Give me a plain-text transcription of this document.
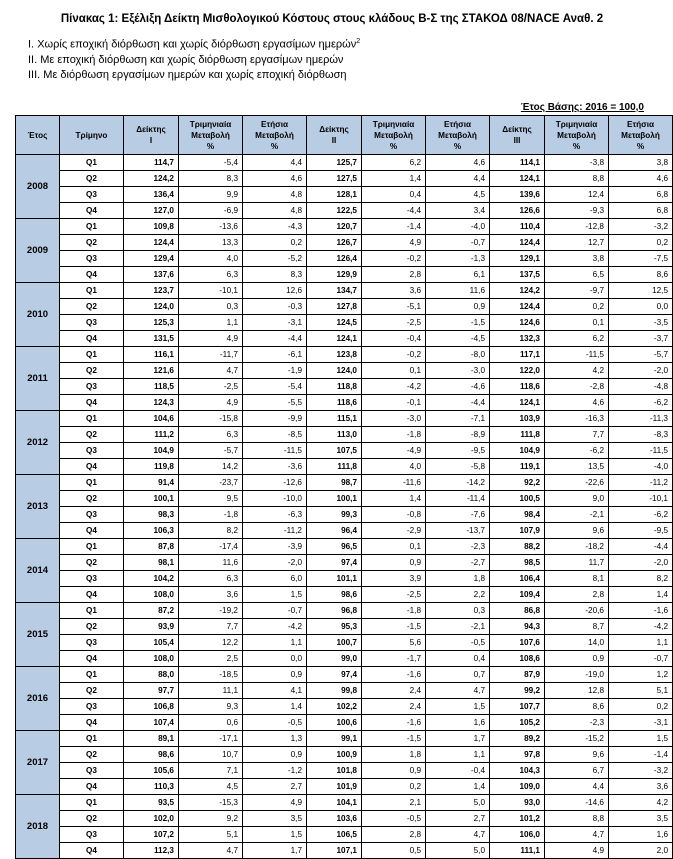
Πίνακας 1: Εξέλιξη Δείκτη Μισθολογικού Κόστους στους κλάδους Β-Σ της ΣΤΑΚΟΔ 08/NACE Αναθ. 2
I. Χωρίς εποχική διόρθωση και χωρίς διόρθωση εργασίμων ημερών$^2$
II. Με εποχική διόρθωση και χωρίς διόρθωση εργασίμων ημερών
III. Με διόρθωση εργασίμων ημερών και χωρίς εποχική διόρθωση
Έτος Βάσης: 2016 = 100,0
Έτος	Τρίμηνο	Δείκτης
I	Τριμηνιαία
Μεταβολή
%	Ετήσια
Μεταβολή
%	Δείκτης
II	Τριμηνιαία
Μεταβολή
%	Ετήσια
Μεταβολή
%	Δείκτης
III	Τριμηνιαία
Μεταβολή
%	Ετήσια
Μεταβολή
%
2008	Q1	114,7	-5,4	4,4	125,7	6,2	4,6	114,1	-3,8	3,8
	Q2	124,2	8,3	4,6	127,5	1,4	4,4	124,1	8,8	4,6
	Q3	136,4	9,9	4,8	128,1	0,4	4,5	139,6	12,4	6,8
	Q4	127,0	-6,9	4,8	122,5	-4,4	3,4	126,6	-9,3	6,8
2009	Q1	109,8	-13,6	-4,3	120,7	-1,4	-4,0	110,4	-12,8	-3,2
	Q2	124,4	13,3	0,2	126,7	4,9	-0,7	124,4	12,7	0,2
	Q3	129,4	4,0	-5,2	126,4	-0,2	-1,3	129,1	3,8	-7,5
	Q4	137,6	6,3	8,3	129,9	2,8	6,1	137,5	6,5	8,6
2010	Q1	123,7	-10,1	12,6	134,7	3,6	11,6	124,2	-9,7	12,5
	Q2	124,0	0,3	-0,3	127,8	-5,1	0,9	124,4	0,2	0,0
	Q3	125,3	1,1	-3,1	124,5	-2,5	-1,5	124,6	0,1	-3,5
	Q4	131,5	4,9	-4,4	124,1	-0,4	-4,5	132,3	6,2	-3,7
2011	Q1	116,1	-11,7	-6,1	123,8	-0,2	-8,0	117,1	-11,5	-5,7
	Q2	121,6	4,7	-1,9	124,0	0,1	-3,0	122,0	4,2	-2,0
	Q3	118,5	-2,5	-5,4	118,8	-4,2	-4,6	118,6	-2,8	-4,8
	Q4	124,3	4,9	-5,5	118,6	-0,1	-4,4	124,1	4,6	-6,2
2012	Q1	104,6	-15,8	-9,9	115,1	-3,0	-7,1	103,9	-16,3	-11,3
	Q2	111,2	6,3	-8,5	113,0	-1,8	-8,9	111,8	7,7	-8,3
	Q3	104,9	-5,7	-11,5	107,5	-4,9	-9,5	104,9	-6,2	-11,5
	Q4	119,8	14,2	-3,6	111,8	4,0	-5,8	119,1	13,5	-4,0
2013	Q1	91,4	-23,7	-12,6	98,7	-11,6	-14,2	92,2	-22,6	-11,2
	Q2	100,1	9,5	-10,0	100,1	1,4	-11,4	100,5	9,0	-10,1
	Q3	98,3	-1,8	-6,3	99,3	-0,8	-7,6	98,4	-2,1	-6,2
	Q4	106,3	8,2	-11,2	96,4	-2,9	-13,7	107,9	9,6	-9,5
2014	Q1	87,8	-17,4	-3,9	96,5	0,1	-2,3	88,2	-18,2	-4,4
	Q2	98,1	11,6	-2,0	97,4	0,9	-2,7	98,5	11,7	-2,0
	Q3	104,2	6,3	6,0	101,1	3,9	1,8	106,4	8,1	8,2
	Q4	108,0	3,6	1,5	98,6	-2,5	2,2	109,4	2,8	1,4
2015	Q1	87,2	-19,2	-0,7	96,8	-1,8	0,3	86,8	-20,6	-1,6
	Q2	93,9	7,7	-4,2	95,3	-1,5	-2,1	94,3	8,7	-4,2
	Q3	105,4	12,2	1,1	100,7	5,6	-0,5	107,6	14,0	1,1
	Q4	108,0	2,5	0,0	99,0	-1,7	0,4	108,6	0,9	-0,7
2016	Q1	88,0	-18,5	0,9	97,4	-1,6	0,7	87,9	-19,0	1,2
	Q2	97,7	11,1	4,1	99,8	2,4	4,7	99,2	12,8	5,1
	Q3	106,8	9,3	1,4	102,2	2,4	1,5	107,7	8,6	0,2
	Q4	107,4	0,6	-0,5	100,6	-1,6	1,6	105,2	-2,3	-3,1
2017	Q1	89,1	-17,1	1,3	99,1	-1,5	1,7	89,2	-15,2	1,5
	Q2	98,6	10,7	0,9	100,9	1,8	1,1	97,8	9,6	-1,4
	Q3	105,6	7,1	-1,2	101,8	0,9	-0,4	104,3	6,7	-3,2
	Q4	110,3	4,5	2,7	101,9	0,2	1,4	109,0	4,4	3,6
2018	Q1	93,5	-15,3	4,9	104,1	2,1	5,0	93,0	-14,6	4,2
	Q2	102,0	9,2	3,5	103,6	-0,5	2,7	101,2	8,8	3,5
	Q3	107,2	5,1	1,5	106,5	2,8	4,7	106,0	4,7	1,6
	Q4	112,3	4,7	1,7	107,1	0,5	5,0	111,1	4,9	2,0
